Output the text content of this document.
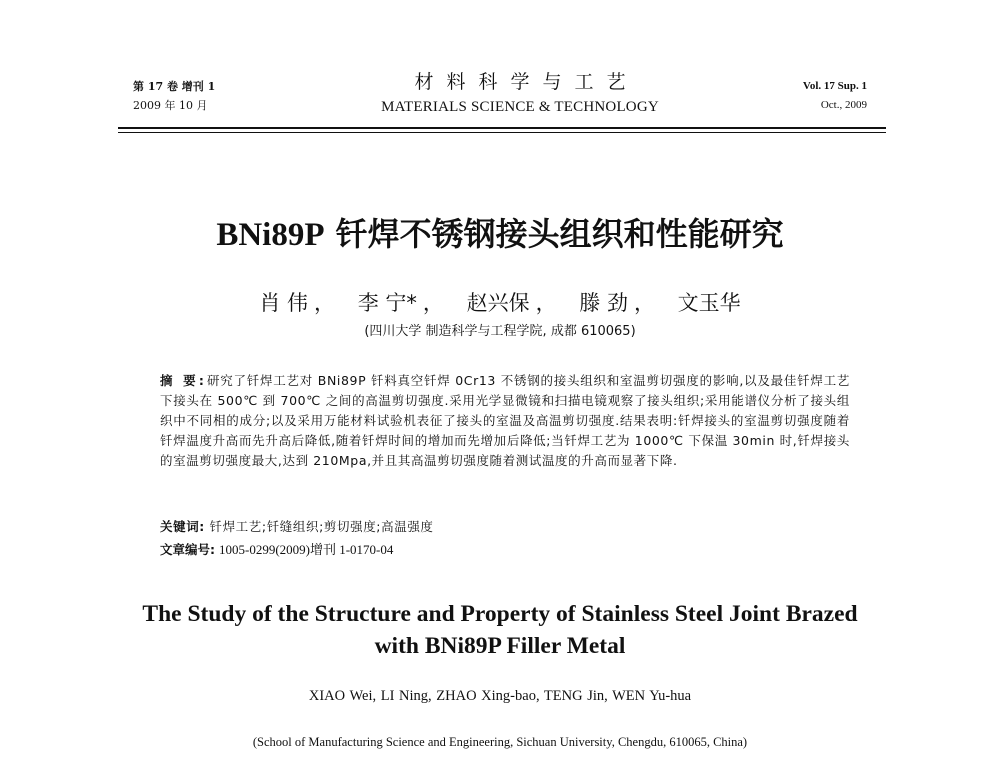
第 17 卷 增刊 1
2009 年 10 月
材料科学与工艺
MATERIALS SCIENCE & TECHNOLOGY
Vol. 17 Sup. 1
Oct., 2009
BNi89P 钎焊不锈钢接头组织和性能研究
肖 伟 ， 李 宁* ， 赵兴保 ， 滕 劲 ， 文玉华
(四川大学 制造科学与工程学院, 成都 610065)
摘 要:研究了钎焊工艺对 BNi89P 钎料真空钎焊 0Cr13 不锈钢的接头组织和室温剪切强度的影响,以及最佳钎焊工艺下接头在 500℃ 到 700℃ 之间的高温剪切强度.采用光学显微镜和扫描电镜观察了接头组织;采用能谱仪分析了接头组织中不同相的成分;以及采用万能材料试验机表征了接头的室温及高温剪切强度.结果表明:钎焊接头的室温剪切强度随着钎焊温度升高而先升高后降低,随着钎焊时间的增加而先增加后降低;当钎焊工艺为 1000℃ 下保温 30min 时,钎焊接头的室温剪切强度最大,达到 210Mpa,并且其高温剪切强度随着测试温度的升高而显著下降.
关键词: 钎焊工艺;钎缝组织;剪切强度;高温强度
文章编号: 1005-0299(2009)增刊 1-0170-04
The Study of the Structure and Property of Stainless Steel Joint Brazed
with BNi89P Filler Metal
XIAO Wei, LI Ning, ZHAO Xing-bao, TENG Jin, WEN Yu-hua
(School of Manufacturing Science and Engineering, Sichuan University, Chengdu, 610065, China)
